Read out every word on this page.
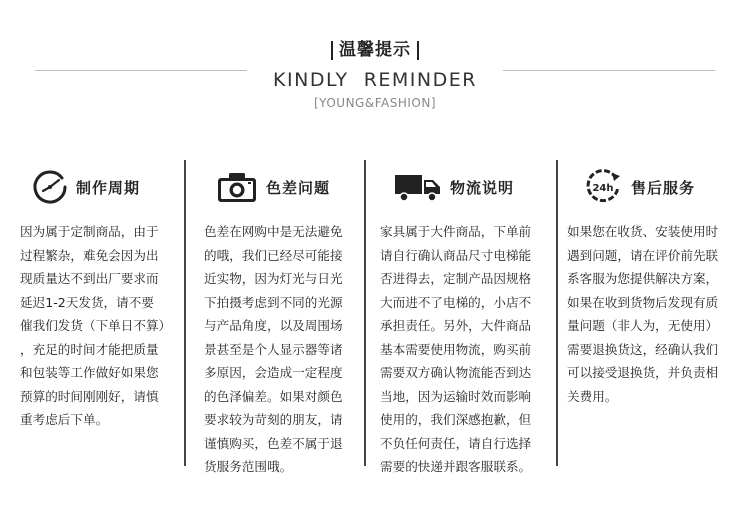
温馨提示
KINDLY  REMINDER
[YOUNG&FASHION]
制作周期
因为属于定制商品，由于
过程繁杂，难免会因为出
现质量达不到出厂要求而
延迟1-2天发货，请不要
催我们发货（下单日不算）
，充足的时间才能把质量
和包装等工作做好如果您
预算的时间刚刚好，请慎
重考虑后下单。
色差问题
色差在网购中是无法避免
的哦，我们已经尽可能接
近实物，因为灯光与日光
下拍摄考虑到不同的光源
与产品角度，以及周围场
景甚至是个人显示器等诸
多原因，会造成一定程度
的色泽偏差。如果对颜色
要求较为苛刻的朋友，请
谨慎购买，色差不属于退
货服务范围哦。
物流说明
家具属于大件商品，下单前
请自行确认商品尺寸电梯能
否进得去，定制产品因规格
大而进不了电梯的，小店不
承担责任。另外，大件商品
基本需要使用物流，购买前
需要双方确认物流能否到达
当地，因为运输时效而影响
使用的，我们深感抱歉，但
不负任何责任，请自行选择
需要的快递并跟客服联系。
24h 售后服务
如果您在收货、安装使用时
遇到问题，请在评价前先联
系客服为您提供解决方案，
如果在收到货物后发现有质
量问题（非人为，无使用）
需要退换货这，经确认我们
可以接受退换货，并负责相
关费用。
